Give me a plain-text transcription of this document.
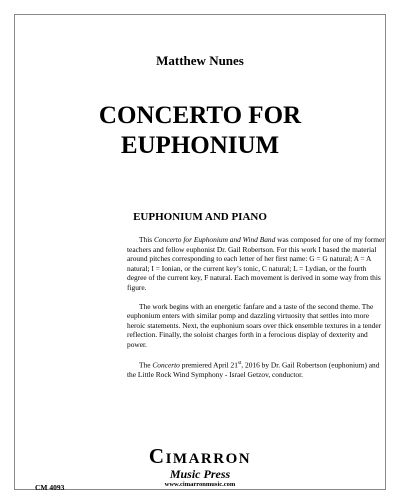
Matthew Nunes
CONCERTO FOR
EUPHONIUM
EUPHONIUM AND PIANO

This Concerto for Euphonium and Wind Band was composed for one of my former teachers and fellow euphonist Dr. Gail Robertson. For this work I based the material around pitches corresponding to each letter of her first name: G = G natural; A = A natural; I = Ionian, or the current key’s tonic, C natural; L = Lydian, or the fourth degree of the current key, F natural. Each movement is derived in some way from this figure.

The work begins with an energetic fanfare and a taste of the second theme. The euphonium enters with similar pomp and dazzling virtuosity that settles into more heroic statements. Next, the euphonium soars over thick ensemble textures in a tender reflection. Finally, the soloist charges forth in a ferocious display of dexterity and power.

The Concerto premiered April 21st, 2016 by Dr. Gail Robertson (euphonium) and the Little Rock Wind Symphony - Israel Getzov, conductor.

CIMARRON
Music Press
www.cimarronmusic.com
CM 4093
